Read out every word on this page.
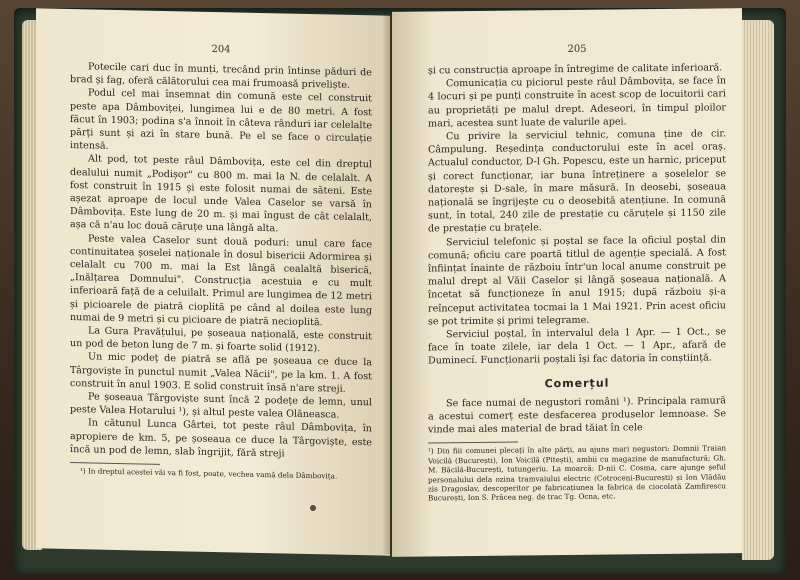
204

Potecile cari duc în munți, trecând prin întinse păduri de brad și fag, oferă călătorului cea mai frumoasă priveliște.

Podul cel mai însemnat din comună este cel construit peste apa Dâmboviței, lungimea lui e de 80 metri. A fost făcut în 1903; podina s'a înnoit în câteva rânduri iar celelalte părți sunt și azi în stare bună. Pe el se face o circulație intensă.

Alt pod, tot peste râul Dâmbovița, este cel din dreptul dealului numit „Podișor" cu 800 m. mai la N. de celalalt. A fost construit în 1915 și este folosit numai de săteni. Este așezat aproape de locul unde Valea Caselor se varsă în Dâmbovița. Este lung de 20 m. și mai îngust de cât celalalt, așa că n'au loc două căruțe una lângă alta.

Peste valea Caselor sunt două poduri: unul care face continuitatea șoselei naționale în dosul bisericii Adormirea și celalalt cu 700 m. mai la Est lângă cealaltă biserică, „Inălțarea Domnului". Construcția acestuia e cu mult inferioară față de a celuilalt. Primul are lungimea de 12 metri și picioarele de piatră cioplită pe când al doilea este lung numai de 9 metri și cu picioare de piatră necioplită.

La Gura Pravățului, pe șoseaua națională, este construit un pod de beton lung de 7 m. și foarte solid (1912).

Un mic podeț de piatră se află pe șoseaua ce duce la Târgoviște în punctul numit „Valea Năcii", pe la km. 1. A fost construit în anul 1903. E solid construit însă n'are streji.

Pe șoseaua Târgoviște sunt încă 2 podețe de lemn, unul peste Valea Hotarului ¹), și altul peste valea Olăneasca.

In cătunul Lunca Gârtei, tot peste râul Dâmbovița, în apropiere de km. 5, pe șoseaua ce duce la Târgoviște, este încă un pod de lemn, slab îngrijit, fără streji

¹) In dreptul acestei văi va fi fost, poate, vechea vamă dela Dâmbovița.

205

și cu construcția aproape în întregime de calitate inferioară.

Comunicația cu piciorul peste râul Dâmbovița, se face în 4 locuri și pe punți construite în acest scop de locuitorii cari au proprietăți pe malul drept. Adeseori, în timpul ploilor mari, acestea sunt luate de valurile apei.

Cu privire la serviciul tehnic, comuna ține de cir. Câmpulung. Reședința conductorului este în acel oraș. Actualul conductor, D-l Gh. Popescu, este un harnic, priceput și corect funcționar, iar buna întreținere a șoselelor se datorește și D-sale, în mare măsură. In deosebi, șoseaua națională se îngrijește cu o deosebită atențiune. In comună sunt, în total, 240 zile de prestație cu căruțele și 1150 zile de prestație cu brațele.

Serviciul telefonic și poștal se face la oficiul poștal din comună; oficiu care poartă titlul de agenție specială. A fost înființat înainte de războiu într'un local anume construit pe malul drept al Văii Caselor și lângă șoseaua națională. A încetat să funcționeze în anul 1915; după războiu și-a reînceput activitatea tocmai la 1 Mai 1921. Prin acest oficiu se pot trimite și primi telegrame.

Serviciul poștal, în intervalul dela 1 Apr. — 1 Oct., se face în toate zilele, iar dela 1 Oct. — 1 Apr., afară de Duminecí. Funcționarii poștali își fac datoria în conștiință.

Comerțul

Se face numai de negustori români ¹). Principala ramură a acestui comerț este desfacerea produselor lemnoase. Se vinde mai ales material de brad tăiat în cele

¹) Din fiii comunei plecați în alte părți, au ajuns mari negustori: Domnii Traian Voicilă (București), Ion Voicilă (Pitești), ambii cu magazine de manufactură; Gh. M. Băcilă-București, tutungeriu. La moarcă: D-nii C. Cosma, care ajunge șeful personalului dela ozina tramvaiului electric (Cotroceni-București) și Ion Vlădău zis Dragoslav, descoperitor pe fabricațiunea la fabrica de ciocolată Zamfirescu București, Ion S. Prâcea neg. de trac Tg. Ocna, etc.
